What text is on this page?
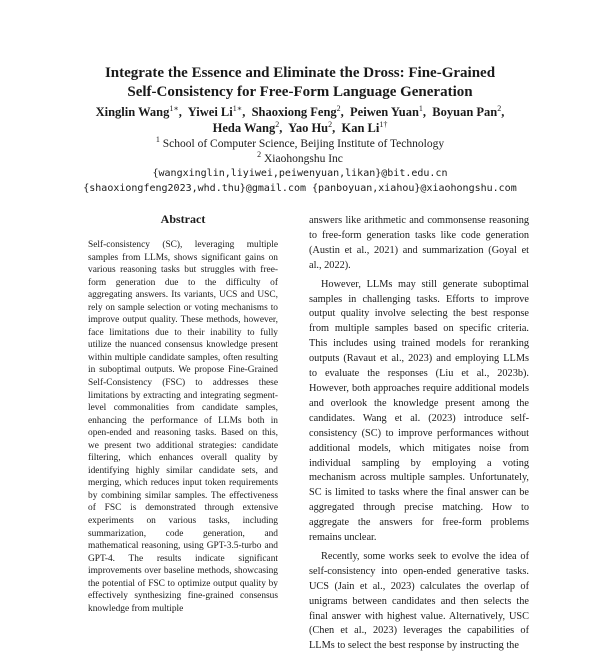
Integrate the Essence and Eliminate the Dross: Fine-Grained
Self-Consistency for Free-Form Language Generation
Xinglin Wang$^{1∗}$,  Yiwei $Li^{1∗}$,  Shaoxiong Feng$^2$,  Peiwen Yuan$^1$,  Boyuan Pan$^2$,
Heda Wang$^2$,  Yao Hu$^2$,  Kan $Li^{1\dagger}$
$^1$ School of Computer Science, Beijing Institute of Technology
$^2$ Xiaohongshu Inc
{wangxinglin,liyiwei,peiwenyuan,likan}@bit.edu.cn
{shaoxiongfeng2023,whd.thu}@gmail.com {panboyuan,xiahou}@xiaohongshu.com
Abstract
Self-consistency (SC), leveraging multiple samples from LLMs, shows significant gains on various reasoning tasks but struggles with free-form generation due to the difficulty of aggregating answers. Its variants, UCS and USC, rely on sample selection or voting mechanisms to improve output quality. These methods, however, face limitations due to their inability to fully utilize the nuanced consensus knowledge present within multiple candidate samples, often resulting in suboptimal outputs. We propose Fine-Grained Self-Consistency (FSC) to addresses these limitations by extracting and integrating segment-level commonalities from candidate samples, enhancing the performance of LLMs both in open-ended and reasoning tasks. Based on this, we present two additional strategies: candidate filtering, which enhances overall quality by identifying highly similar candidate sets, and merging, which reduces input token requirements by combining similar samples. The effectiveness of FSC is demonstrated through extensive experiments on various tasks, including summarization, code generation, and mathematical reasoning, using GPT-3.5-turbo and GPT-4. The results indicate significant improvements over baseline methods, showcasing the potential of FSC to optimize output quality by effectively synthesizing fine-grained consensus knowledge from multiple

answers like arithmetic and commonsense reasoning to free-form generation tasks like code generation (Austin et al., 2021) and summarization (Goyal et al., 2022).

However, LLMs may still generate suboptimal samples in challenging tasks. Efforts to improve output quality involve selecting the best response from multiple samples based on specific criteria. This includes using trained models for reranking outputs (Ravaut et al., 2023) and employing LLMs to evaluate the responses (Liu et al., 2023b). However, both approaches require additional models and overlook the knowledge present among the candidates. Wang et al. (2023) introduce self-consistency (SC) to improve performances without additional models, which mitigates noise from individual sampling by employing a voting mechanism across multiple samples. Unfortunately, SC is limited to tasks where the final answer can be aggregated through precise matching. How to aggregate the answers for free-form problems remains unclear.

Recently, some works seek to evolve the idea of self-consistency into open-ended generative tasks. UCS (Jain et al., 2023) calculates the overlap of unigrams between candidates and then selects the final answer with highest value. Alternatively, USC (Chen et al., 2023) leverages the capabilities of LLMs to select the best response by instructing the
